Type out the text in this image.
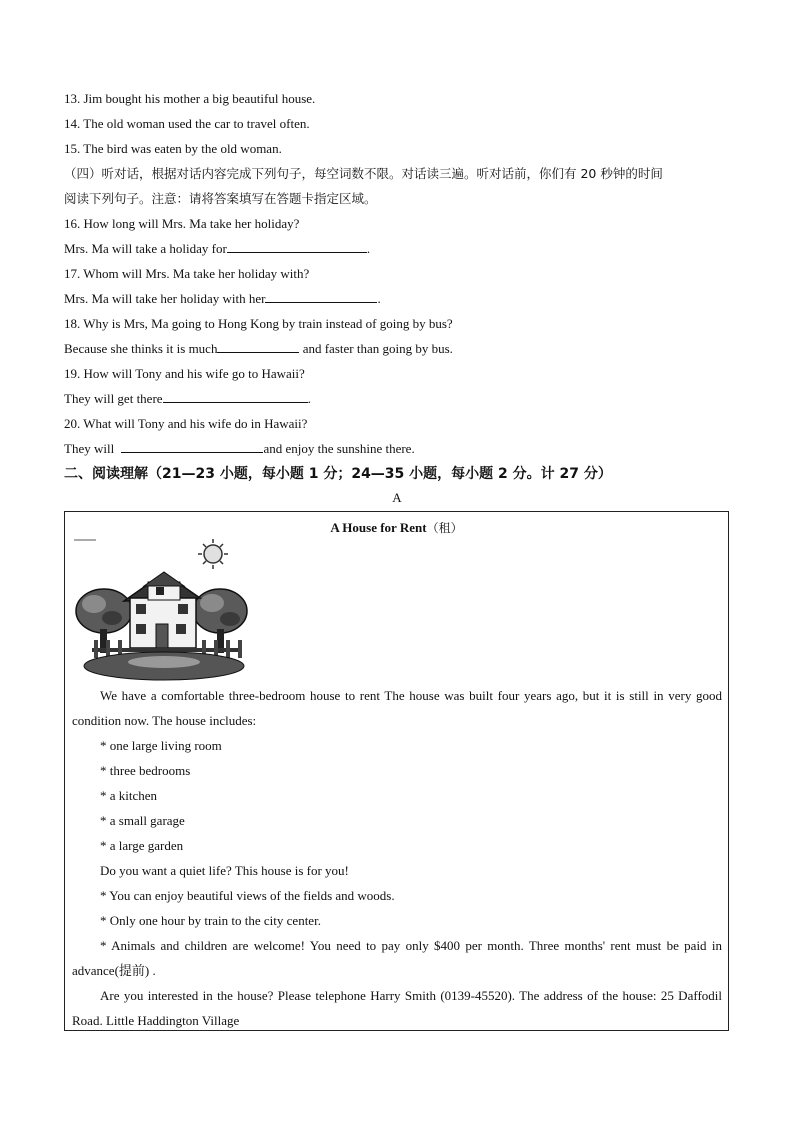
13. Jim bought his mother a big beautiful house.
14. The old woman used the car to travel often.
15. The bird was eaten by the old woman.
（四）听对话，根据对话内容完成下列句子，每空词数不限。对话读三遍。听对话前，你们有 20 秒钟的时间
阅读下列句子。注意：请将答案填写在答题卡指定区域。
16. How long will Mrs. Ma take her holiday?
Mrs. Ma will take a holiday for	.
17. Whom will Mrs. Ma take her holiday with?
Mrs. Ma will take her holiday with her	.
18. Why is Mrs, Ma going to Hong Kong by train instead of going by bus?
Because she thinks it is much	and faster than going by bus.
19. How will Tony and his wife go to Hawaii?
They will get there	.
20. What will Tony and his wife do in Hawaii?
They will	and enjoy the sunshine there.
二、阅读理解（21—23 小题，每小题 1 分；24—35 小题，每小题 2 分。计 27 分）
A
A House for Rent（租）
We have a comfortable three-bedroom house to rent The house was built four years ago, but it is still in very good condition now. The house includes:
* one large living room
* three bedrooms
* a kitchen
* a small garage
* a large garden
Do you want a quiet life? This house is for you!
* You can enjoy beautiful views of the fields and woods.
* Only one hour by train to the city center.
* Animals and children are welcome! You need to pay only $400 per month. Three months' rent must be paid in advance(提前) .
Are you interested in the house? Please telephone Harry Smith (0139-45520). The address of the house: 25 Daffodil Road. Little Haddington Village
